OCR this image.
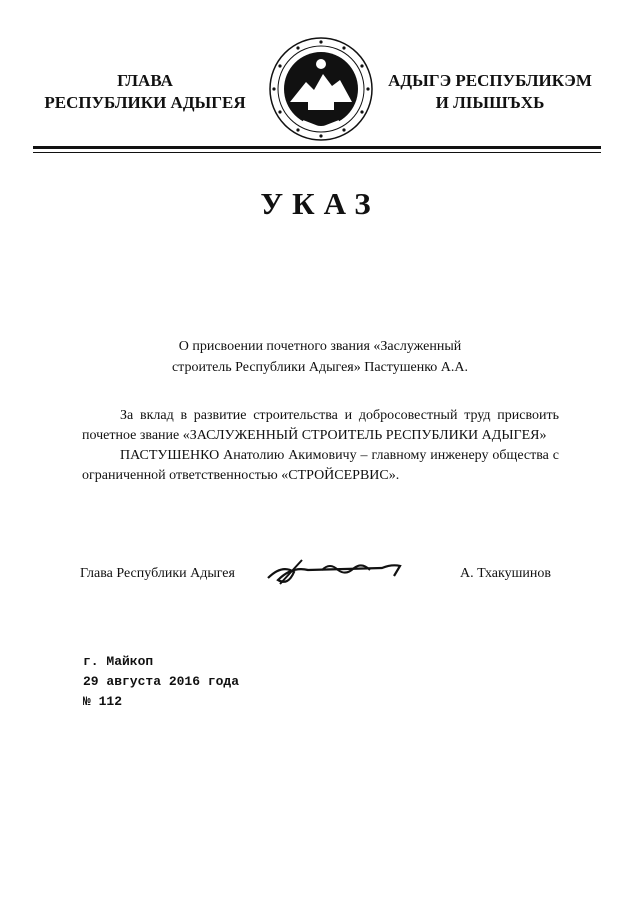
ГЛАВА
РЕСПУБЛИКИ АДЫГЕЯ
АДЫГЭ РЕСПУБЛИКЭМ
И ЛІЫШЪХЬ
УКАЗ
О присвоении почетного звания «Заслуженный
строитель Республики Адыгея» Пастушенко А.А.

За вклад в развитие строительства и добросовестный труд присвоить почетное звание «ЗАСЛУЖЕННЫЙ СТРОИТЕЛЬ РЕСПУБЛИКИ АДЫГЕЯ»

ПАСТУШЕНКО Анатолию Акимовичу – главному инженеру общества с ограниченной ответственностью «СТРОЙСЕРВИС».

Глава Республики Адыгея	А. Тхакушинов
г. Майкоп
29 августа 2016 года
№ 112
